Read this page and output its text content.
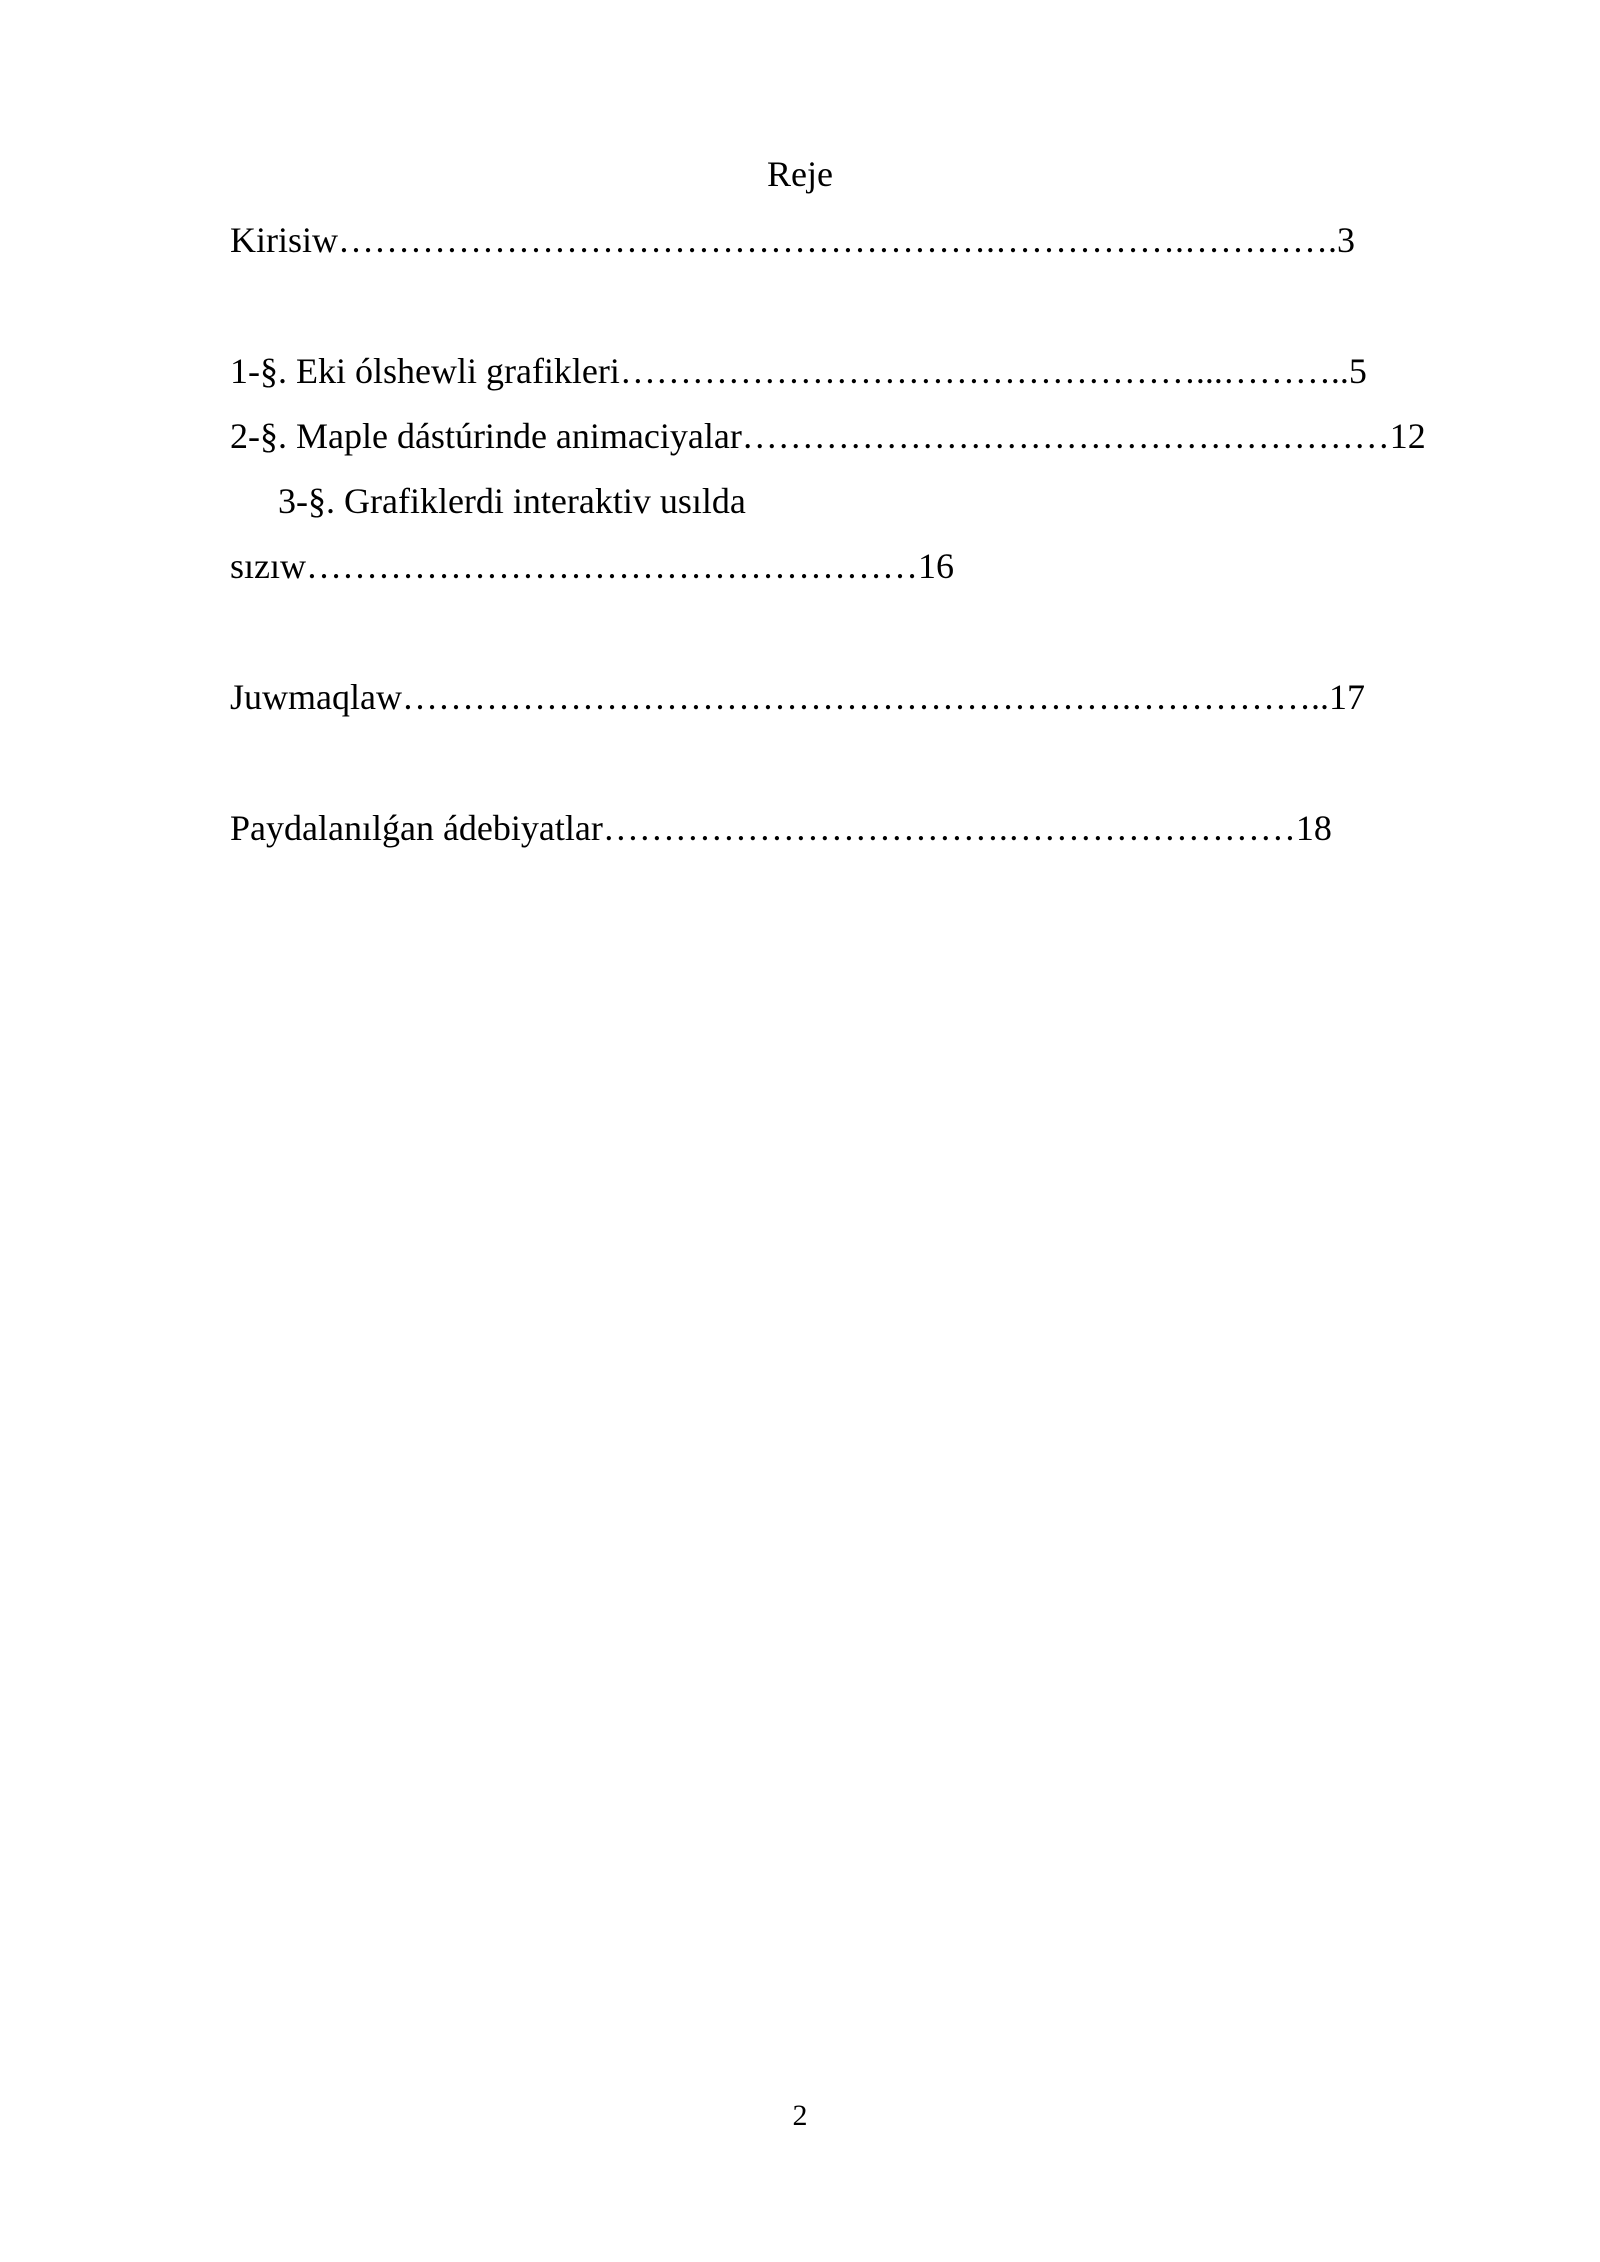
Reje
Kirisiw……………………………………………….…………….………….3
1-§. Eki ólshewli grafikleri…………………………………………...………..5
2-§. Maple dástúrinde animaciyalar………………………………………………12
3-§. Grafiklerdi interaktiv usılda
sızıw……………………………………………16
Juwmaqlaw…………………………………………………….……………..17
Paydalanılǵan ádebiyatlar…………………………….……………………18
2
